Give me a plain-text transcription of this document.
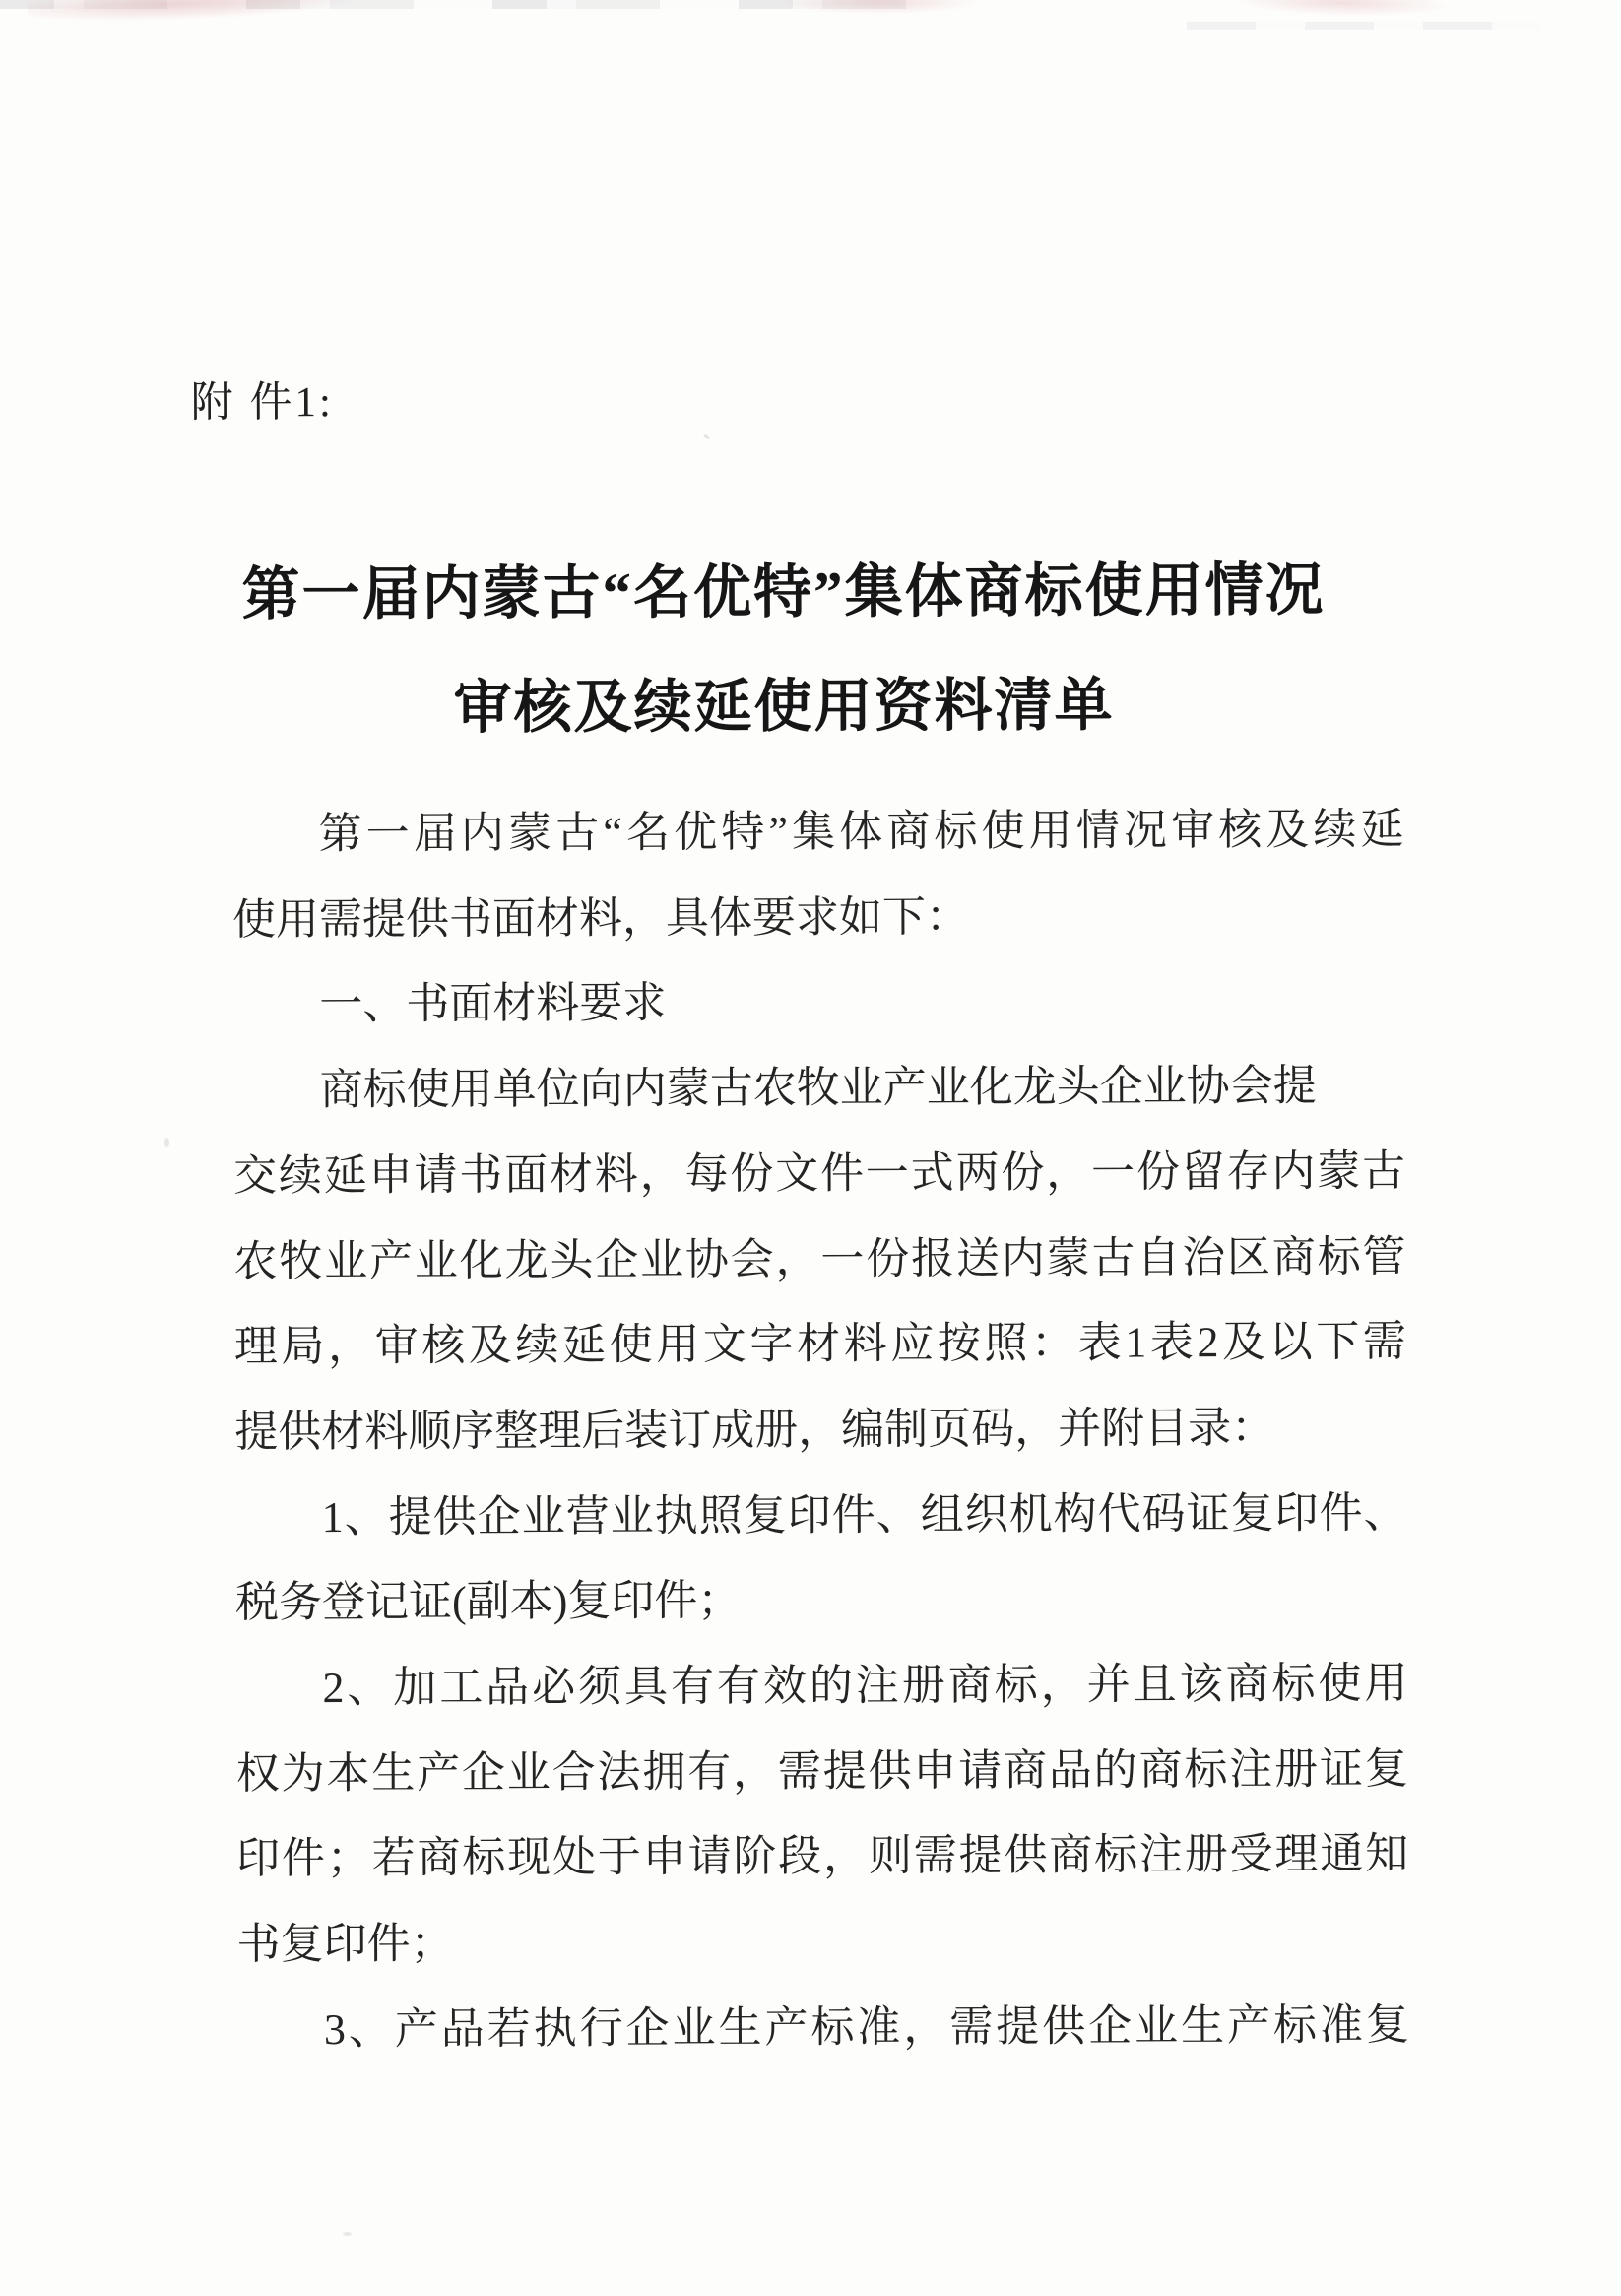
附 件1:
第一届内蒙古“名优特”集体商标使用情况
审核及续延使用资料清单
第一届内蒙古“名优特”集体商标使用情况审核及续延
使用需提供书面材料，具体要求如下：
一、书面材料要求
商标使用单位向内蒙古农牧业产业化龙头企业协会提
交续延申请书面材料，每份文件一式两份，一份留存内蒙古
农牧业产业化龙头企业协会，一份报送内蒙古自治区商标管
理局，审核及续延使用文字材料应按照：表1表2及以下需
提供材料顺序整理后装订成册，编制页码，并附目录：
1、提供企业营业执照复印件、组织机构代码证复印件、
税务登记证(副本)复印件；
2、加工品必须具有有效的注册商标，并且该商标使用
权为本生产企业合法拥有，需提供申请商品的商标注册证复
印件；若商标现处于申请阶段，则需提供商标注册受理通知
书复印件；
3、产品若执行企业生产标准，需提供企业生产标准复
